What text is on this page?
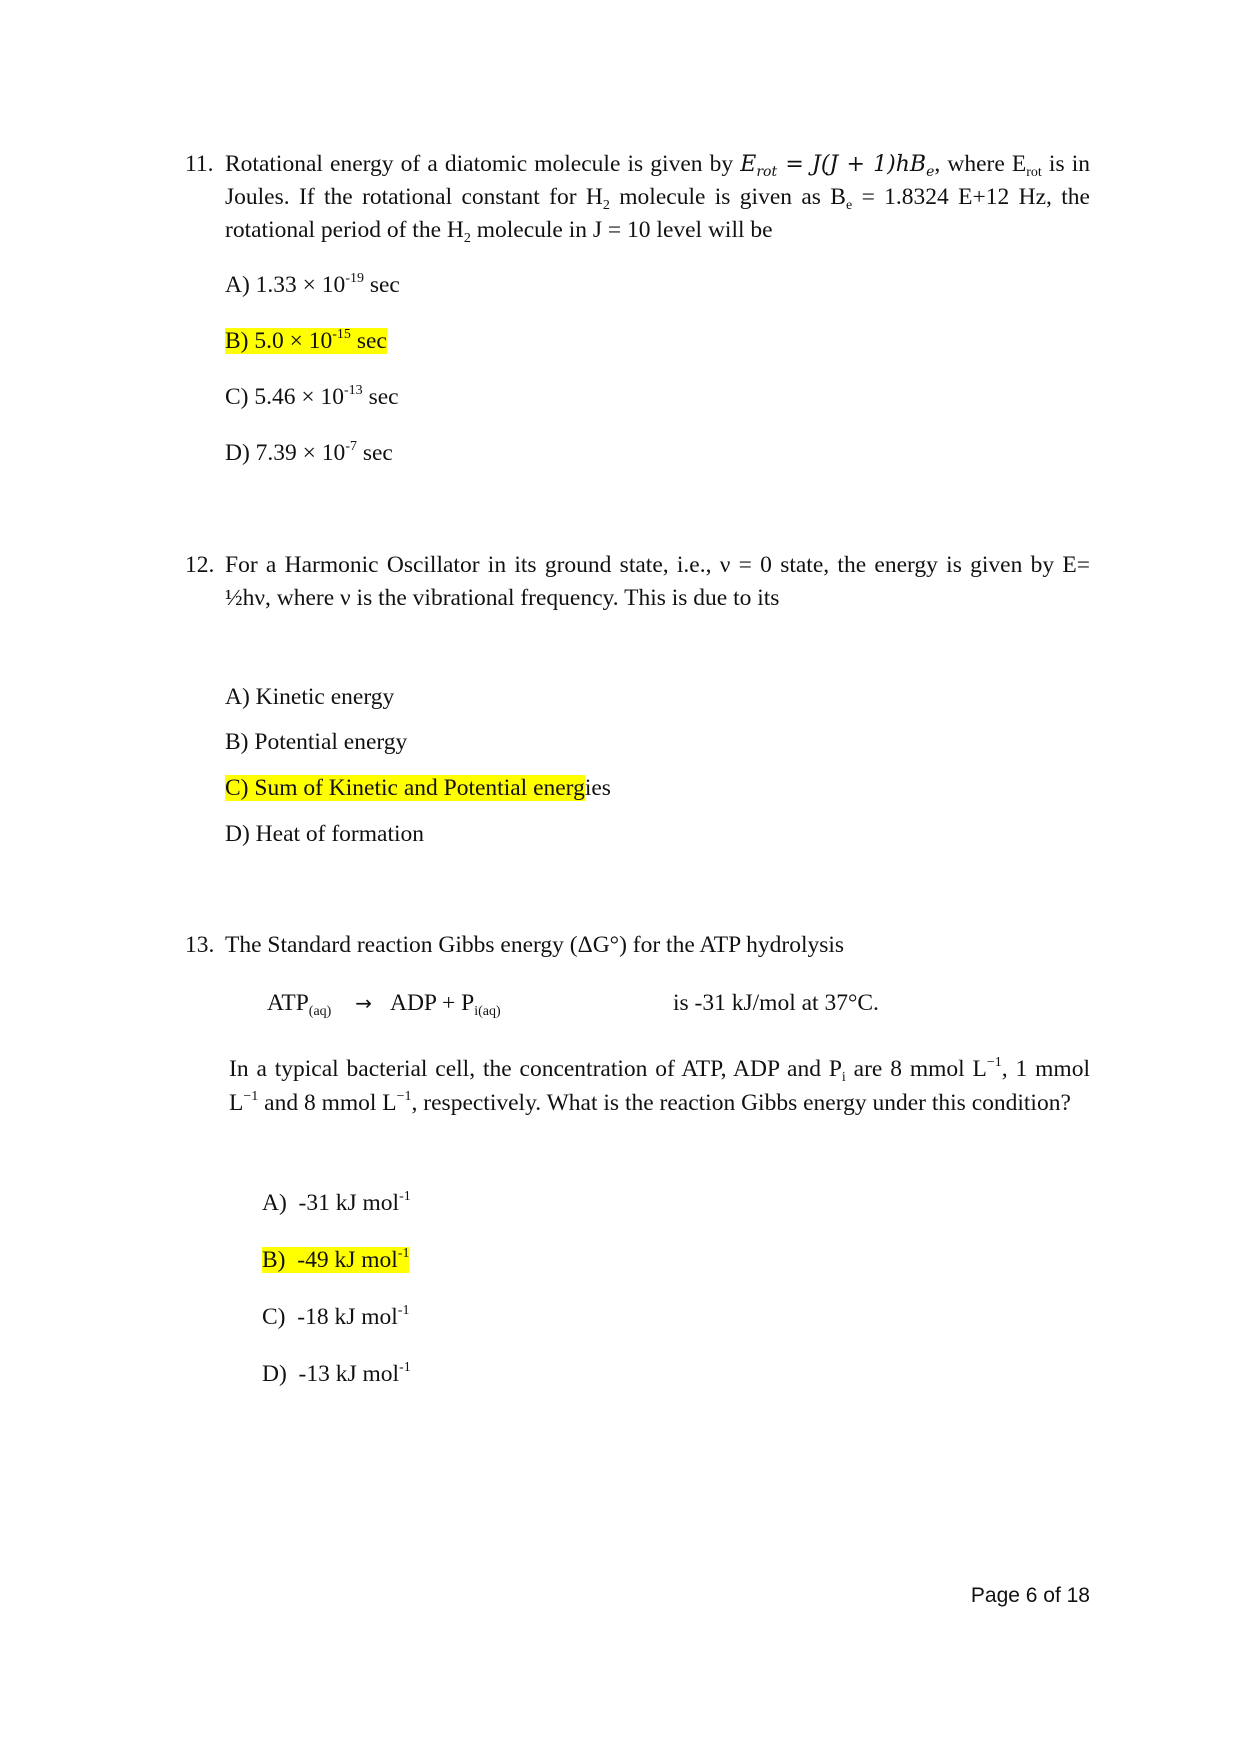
11. Rotational energy of a diatomic molecule is given by $E_{rot} = J(J + 1)hB_e$, where $E_{rot}$ is in Joules. If the rotational constant for $H_2$ molecule is given as $B_e = 1.8324$ E+12 Hz, the rotational period of the $H_2$ molecule in J = 10 level will be
A) $1.33 \times 10^{-19}$ sec
B) $5.0 \times 10^{-15}$ sec
C) $5.46 \times 10^{-13}$ sec
D) $7.39 \times 10^{-7}$ sec
12. For a Harmonic Oscillator in its ground state, i.e., ν = 0 state, the energy is given by E= ½hν, where ν is the vibrational frequency. This is due to its
A) Kinetic energy
B) Potential energy
C) Sum of Kinetic and Potential energies
D) Heat of formation
13. The Standard reaction Gibbs energy (ΔG°) for the ATP hydrolysis
$ATP_{(aq)}$ → ADP + $P_{i(aq)}$	is -31 kJ/mol at 37°C.
In a typical bacterial cell, the concentration of ATP, ADP and $P_i$ are 8 mmol $L^{-1}$, 1 mmol $L^{-1}$ and 8 mmol $L^{-1}$, respectively. What is the reaction Gibbs energy under this condition?
A) -31 kJ mol$^{-1}$
B) -49 kJ mol$^{-1}$
C) -18 kJ mol$^{-1}$
D) -13 kJ mol$^{-1}$
Page 6 of 18
